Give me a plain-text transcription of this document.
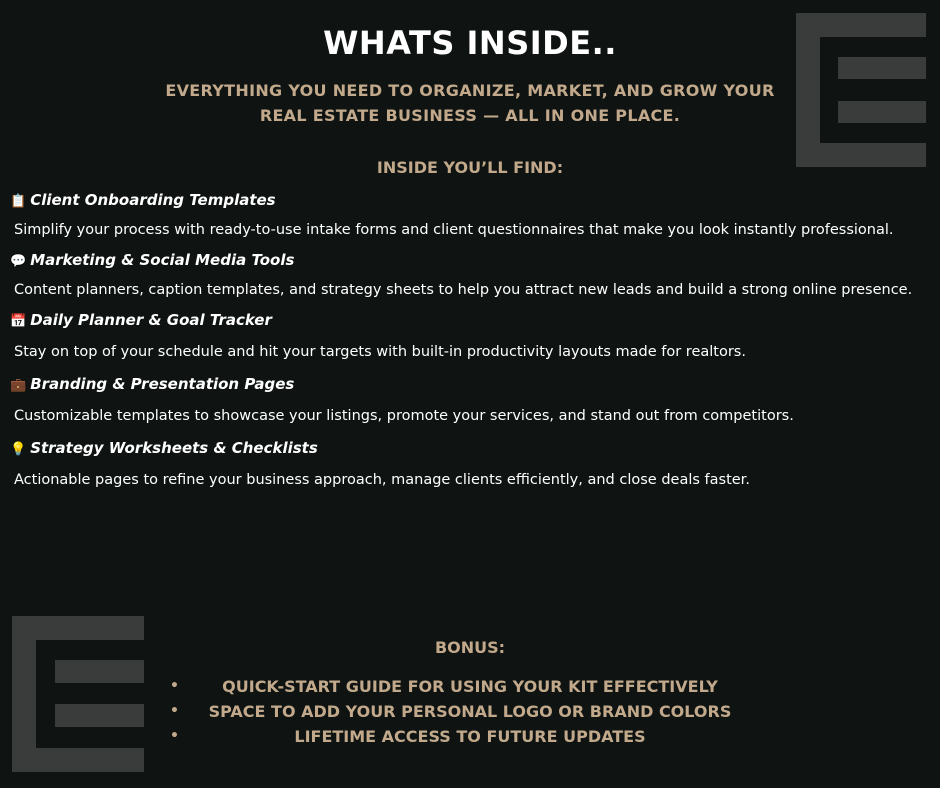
WHATS INSIDE..
EVERYTHING YOU NEED TO ORGANIZE, MARKET, AND GROW YOUR
REAL ESTATE BUSINESS — ALL IN ONE PLACE.
INSIDE YOU’LL FIND:
📋 Client Onboarding Templates
Simplify your process with ready-to-use intake forms and client questionnaires that make you look instantly professional.
💬 Marketing & Social Media Tools
Content planners, caption templates, and strategy sheets to help you attract new leads and build a strong online presence.
📅 Daily Planner & Goal Tracker
Stay on top of your schedule and hit your targets with built-in productivity layouts made for realtors.
💼 Branding & Presentation Pages
Customizable templates to showcase your listings, promote your services, and stand out from competitors.
💡 Strategy Worksheets & Checklists
Actionable pages to refine your business approach, manage clients efficiently, and close deals faster.
BONUS:
•	QUICK-START GUIDE FOR USING YOUR KIT EFFECTIVELY
• SPACE TO ADD YOUR PERSONAL LOGO OR BRAND COLORS
•	LIFETIME ACCESS TO FUTURE UPDATES
